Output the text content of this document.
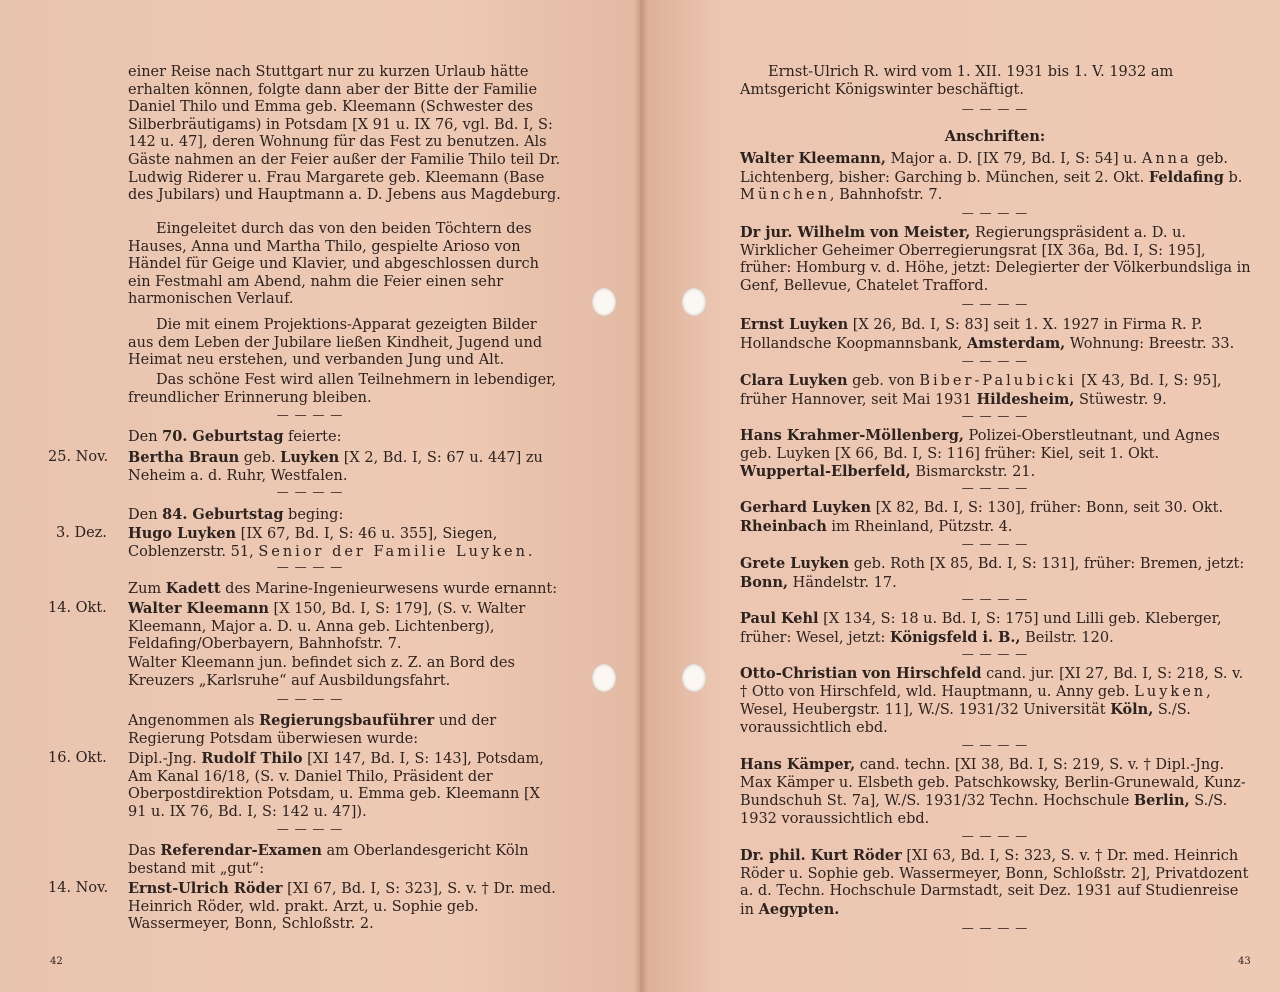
einer Reise nach Stuttgart nur zu kurzen Urlaub hätte erhalten können, folgte dann aber der Bitte der Familie Daniel Thilo und Emma geb. Kleemann (Schwester des Silberbräutigams) in Potsdam [X 91 u. IX 76, vgl. Bd. I, S: 142 u. 47], deren Wohnung für das Fest zu benutzen. Als Gäste nahmen an der Feier außer der Familie Thilo teil Dr. Ludwig Riderer u. Frau Margarete geb. Kleemann (Base des Jubilars) und Hauptmann a. D. Jebens aus Magdeburg.
Eingeleitet durch das von den beiden Töchtern des Hauses, Anna und Martha Thilo, gespielte Arioso von Händel für Geige und Klavier, und abgeschlossen durch ein Festmahl am Abend, nahm die Feier einen sehr harmonischen Verlauf.
Die mit einem Projektions-Apparat gezeigten Bilder aus dem Leben der Jubilare ließen Kindheit, Jugend und Heimat neu erstehen, und verbanden Jung und Alt.
Das schöne Fest wird allen Teilnehmern in lebendiger, freundlicher Erinnerung bleiben.
— — — —
Den 70. Geburtstag feierte:
25. Nov. Bertha Braun geb. Luyken [X 2, Bd. I, S: 67 u. 447] zu Neheim a. d. Ruhr, Westfalen.
— — — —
Den 84. Geburtstag beging:
3. Dez. Hugo Luyken [IX 67, Bd. I, S: 46 u. 355], Siegen, Coblenzerstr. 51, Senior der Familie Luyken.
— — — —
Zum Kadett des Marine-Ingenieurwesens wurde ernannt:
14. Okt. Walter Kleemann [X 150, Bd. I, S: 179], (S. v. Walter Kleemann, Major a. D. u. Anna geb. Lichtenberg), Feldafing/Oberbayern, Bahnhofstr. 7.
Walter Kleemann jun. befindet sich z. Z. an Bord des Kreuzers „Karlsruhe“ auf Ausbildungsfahrt.
— — — —
Angenommen als Regierungsbauführer und der Regierung Potsdam überwiesen wurde:
16. Okt. Dipl.-Jng. Rudolf Thilo [XI 147, Bd. I, S: 143], Potsdam, Am Kanal 16/18, (S. v. Daniel Thilo, Präsident der Oberpostdirektion Potsdam, u. Emma geb. Kleemann [X 91 u. IX 76, Bd. I, S: 142 u. 47]).
— — — —
Das Referendar-Examen am Oberlandesgericht Köln bestand mit „gut“:
14. Nov. Ernst-Ulrich Röder [XI 67, Bd. I, S: 323], S. v. † Dr. med. Heinrich Röder, wld. prakt. Arzt, u. Sophie geb. Wassermeyer, Bonn, Schloßstr. 2.
42
Ernst-Ulrich R. wird vom 1. XII. 1931 bis 1. V. 1932 am Amtsgericht Königswinter beschäftigt.
— — — —
Anschriften:
Walter Kleemann, Major a. D. [IX 79, Bd. I, S: 54] u. Anna geb. Lichtenberg, bisher: Garching b. München, seit 2. Okt. Feldafing b. München, Bahnhofstr. 7.
— — — —
Dr jur. Wilhelm von Meister, Regierungspräsident a. D. u. Wirklicher Geheimer Oberregierungsrat [IX 36a, Bd. I, S: 195], früher: Homburg v. d. Höhe, jetzt: Delegierter der Völkerbundsliga in Genf, Bellevue, Chatelet Trafford.
— — — —
Ernst Luyken [X 26, Bd. I, S: 83] seit 1. X. 1927 in Firma R. P. Hollandsche Koopmannsbank, Amsterdam, Wohnung: Breestr. 33.
— — — —
Clara Luyken geb. von Biber-Palubicki [X 43, Bd. I, S: 95], früher Hannover, seit Mai 1931 Hildesheim, Stüwestr. 9.
— — — —
Hans Krahmer-Möllenberg, Polizei-Oberstleutnant, und Agnes geb. Luyken [X 66, Bd. I, S: 116] früher: Kiel, seit 1. Okt. Wuppertal-Elberfeld, Bismarckstr. 21.
— — — —
Gerhard Luyken [X 82, Bd. I, S: 130], früher: Bonn, seit 30. Okt. Rheinbach im Rheinland, Pützstr. 4.
— — — —
Grete Luyken geb. Roth [X 85, Bd. I, S: 131], früher: Bremen, jetzt: Bonn, Händelstr. 17.
— — — —
Paul Kehl [X 134, S: 18 u. Bd. I, S: 175] und Lilli geb. Kleberger, früher: Wesel, jetzt: Königsfeld i. B., Beilstr. 120.
— — — —
Otto-Christian von Hirschfeld cand. jur. [XI 27, Bd. I, S: 218, S. v. † Otto von Hirschfeld, wld. Hauptmann, u. Anny geb. Luyken, Wesel, Heubergstr. 11], W./S. 1931/32 Universität Köln, S./S. voraussichtlich ebd.
— — — —
Hans Kämper, cand. techn. [XI 38, Bd. I, S: 219, S. v. † Dipl.-Jng. Max Kämper u. Elsbeth geb. Patschkowsky, Berlin-Grunewald, Kunz-Bundschuh St. 7a], W./S. 1931/32 Techn. Hochschule Berlin, S./S. 1932 voraussichtlich ebd.
— — — —
Dr. phil. Kurt Röder [XI 63, Bd. I, S: 323, S. v. † Dr. med. Heinrich Röder u. Sophie geb. Wassermeyer, Bonn, Schloßstr. 2], Privatdozent a. d. Techn. Hochschule Darmstadt, seit Dez. 1931 auf Studienreise in Aegypten.
— — — —
43
